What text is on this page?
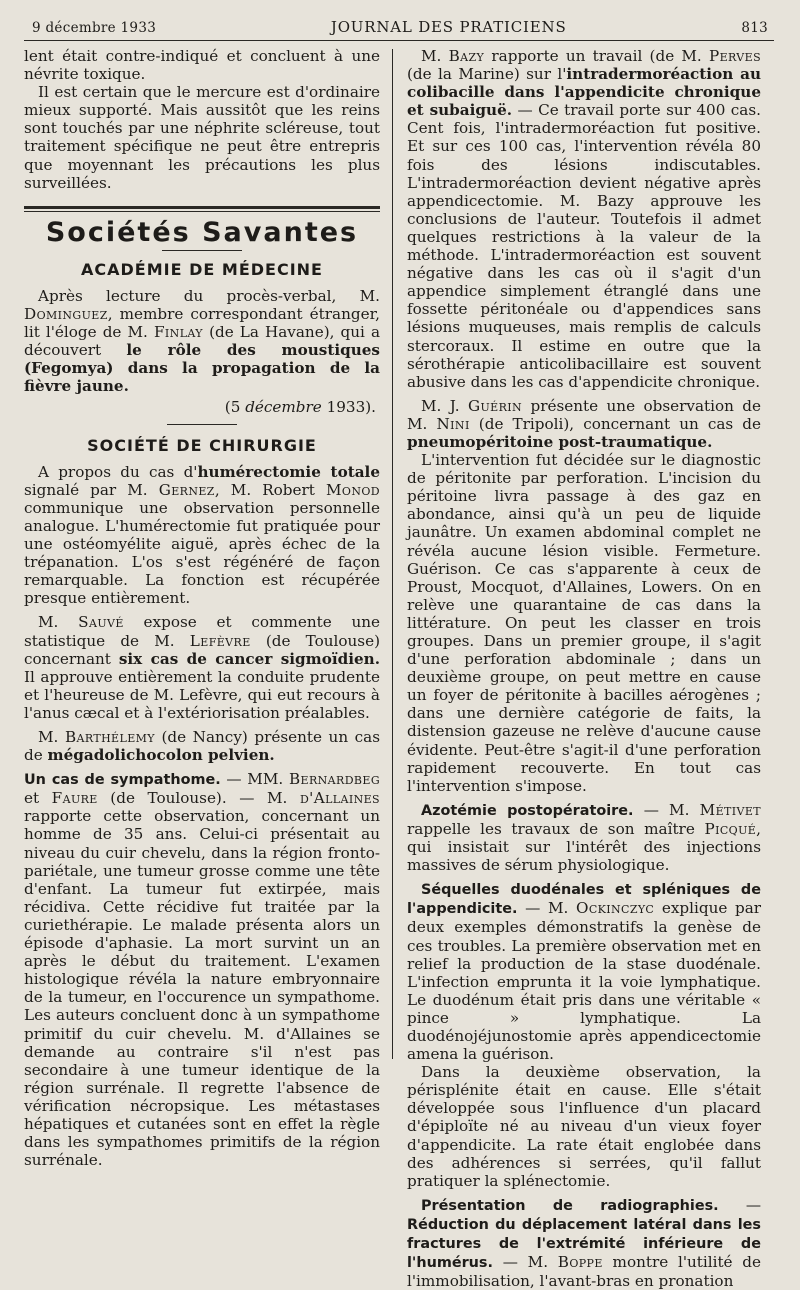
9 décembre 1933	JOURNAL DES PRATICIENS	813

lent était contre-indiqué et concluent à une névrite toxique.

Il est certain que le mercure est d'ordinaire mieux supporté. Mais aussitôt que les reins sont touchés par une néphrite scléreuse, tout traitement spécifique ne peut être entrepris que moyennant les précautions les plus surveillées.

Sociétés Savantes
ACADÉMIE DE MÉDECINE

Après lecture du procès-verbal, M. Dominguez, membre correspondant étranger, lit l'éloge de M. Finlay (de La Havane), qui a découvert le rôle des moustiques (Fegomya) dans la propagation de la fièvre jaune.

(5 décembre 1933).
SOCIÉTÉ DE CHIRURGIE

A propos du cas d'humérectomie totale signalé par M. Gernez, M. Robert Monod communique une observation personnelle analogue. L'humérectomie fut pratiquée pour une ostéomyélite aiguë, après échec de la trépanation. L'os s'est régénéré de façon remarquable. La fonction est récupérée presque entièrement.

M. Sauvé expose et commente une statistique de M. Lefèvre (de Toulouse) concernant six cas de cancer sigmoïdien. Il approuve entièrement la conduite prudente et l'heureuse de M. Lefèvre, qui eut recours à l'anus cæcal et à l'extériorisation préalables.

M. Barthélemy (de Nancy) présente un cas de mégadolichocolon pelvien.

Un cas de sympathome. — MM. Bernardbeg et Faure (de Toulouse). — M. d'Allaines rapporte cette observation, concernant un homme de 35 ans. Celui-ci présentait au niveau du cuir chevelu, dans la région fronto-pariétale, une tumeur grosse comme une tête d'enfant. La tumeur fut extirpée, mais récidiva. Cette récidive fut traitée par la curiethérapie. Le malade présenta alors un épisode d'aphasie. La mort survint un an après le début du traitement. L'examen histologique révéla la nature embryonnaire de la tumeur, en l'occurence un sympathome. Les auteurs concluent donc à un sympathome primitif du cuir chevelu. M. d'Allaines se demande au contraire s'il n'est pas secondaire à une tumeur identique de la région surrénale. Il regrette l'absence de vérification nécropsique. Les métastases hépatiques et cutanées sont en effet la règle dans les sympathomes primitifs de la région surrénale.

M. Bazy rapporte un travail (de M. Perves (de la Marine) sur l'intradermoréaction au colibacille dans l'appendicite chronique et subaiguë. — Ce travail porte sur 400 cas. Cent fois, l'intradermoréaction fut positive. Et sur ces 100 cas, l'intervention révéla 80 fois des lésions indiscutables. L'intradermoréaction devient négative après appendicectomie. M. Bazy approuve les conclusions de l'auteur. Toutefois il admet quelques restrictions à la valeur de la méthode. L'intradermoréaction est souvent négative dans les cas où il s'agit d'un appendice simplement étranglé dans une fossette péritonéale ou d'appendices sans lésions muqueuses, mais remplis de calculs stercoraux. Il estime en outre que la sérothérapie anticolibacillaire est souvent abusive dans les cas d'appendicite chronique.

M. J. Guérin présente une observation de M. Nini (de Tripoli), concernant un cas de pneumopéritoine post-traumatique.

L'intervention fut décidée sur le diagnostic de péritonite par perforation. L'incision du péritoine livra passage à des gaz en abondance, ainsi qu'à un peu de liquide jaunâtre. Un examen abdominal complet ne révéla aucune lésion visible. Fermeture. Guérison. Ce cas s'apparente à ceux de Proust, Mocquot, d'Allaines, Lowers. On en relève une quarantaine de cas dans la littérature. On peut les classer en trois groupes. Dans un premier groupe, il s'agit d'une perforation abdominale ; dans un deuxième groupe, on peut mettre en cause un foyer de péritonite à bacilles aérogènes ; dans une dernière catégorie de faits, la distension gazeuse ne relève d'aucune cause évidente. Peut-être s'agit-il d'une perforation rapidement recouverte. En tout cas l'intervention s'impose.

Azotémie postopératoire. — M. Métivet rappelle les travaux de son maître Picqué, qui insistait sur l'intérêt des injections massives de sérum physiologique.

Séquelles duodénales et spléniques de l'appendicite. — M. Ockinczyc explique par deux exemples démonstratifs la genèse de ces troubles. La première observation met en relief la production de la stase duodénale. L'infection emprunta it la voie lymphatique. Le duodénum était pris dans une véritable « pince » lymphatique. La duodénojéjunostomie après appendicectomie amena la guérison.

Dans la deuxième observation, la périsplénite était en cause. Elle s'était développée sous l'influence d'un placard d'épiploïte né au niveau d'un vieux foyer d'appendicite. La rate était englobée dans des adhérences si serrées, qu'il fallut pratiquer la splénectomie.

Présentation de radiographies. — Réduction du déplacement latéral dans les fractures de l'extrémité inférieure de l'humérus. — M. Boppe montre l'utilité de l'immobilisation, l'avant-bras en pronation
